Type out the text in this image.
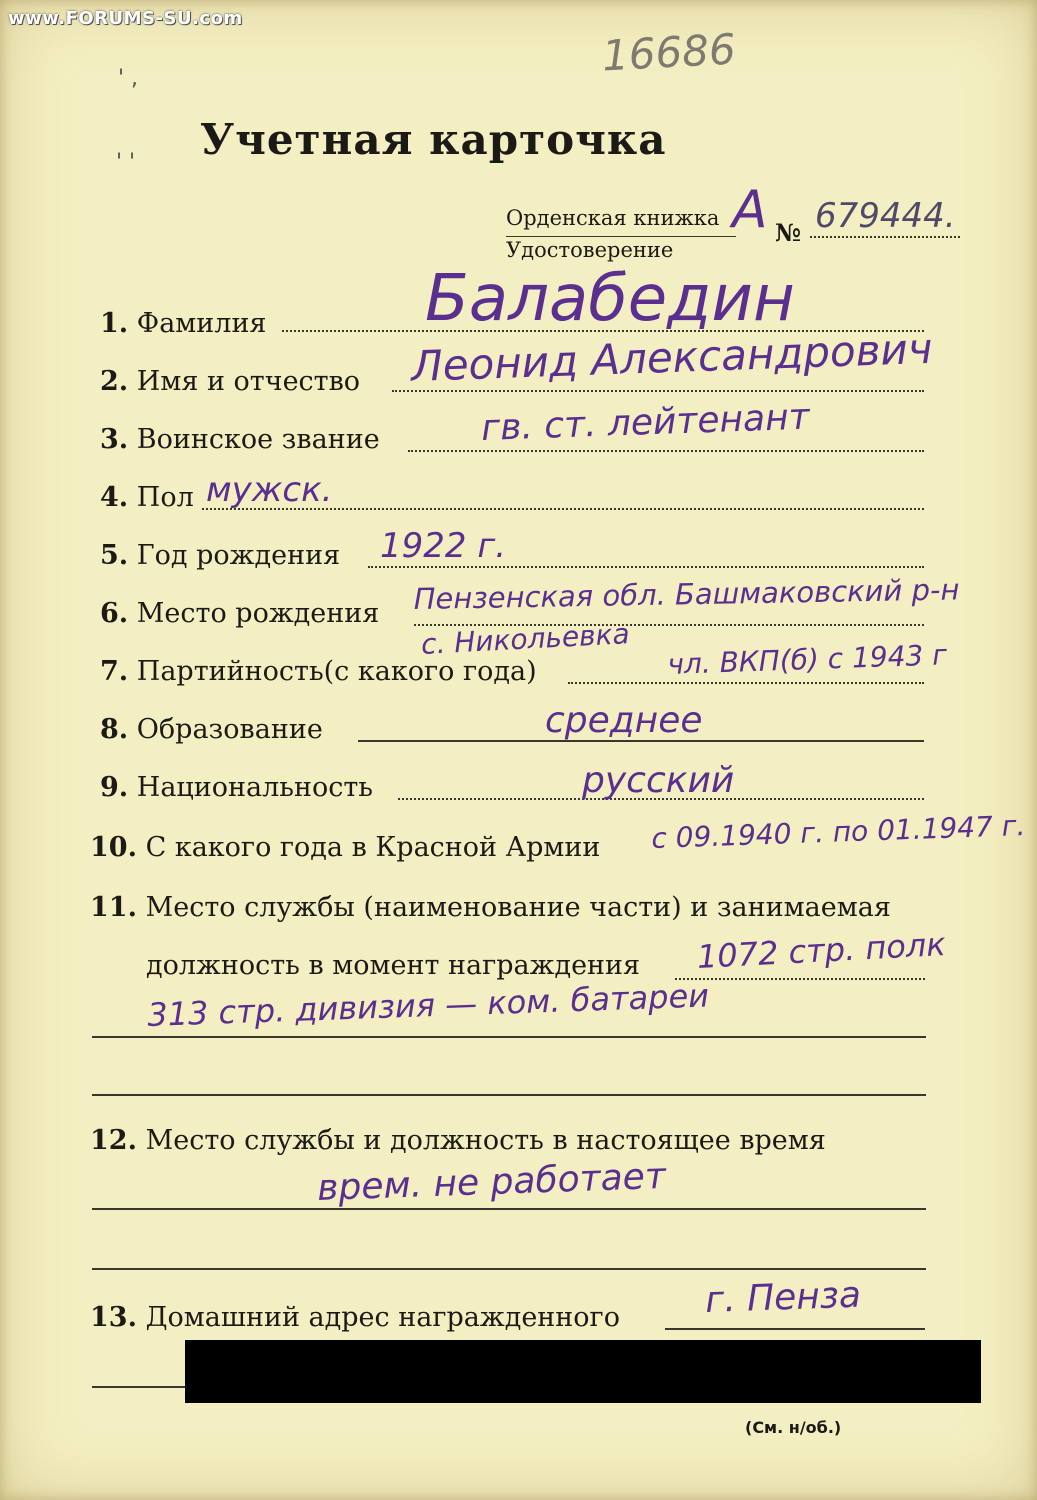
www.FORUMS-SU.com
16686
' ,
' ' Учетная карточка
Орденская книжка
Удостоверение
А № 679444.
1. Фамилия Балабедин
2. Имя и отчество Леонид Александрович
3. Воинское звание	гв. ст. лейтенант
4. Пол мужск.
5. Год рождения 1922 г.
6. Место рождения Пензенская обл. Башмаковский р-н
с. Никольевка
7. Партийность(с какого года)	чл. ВКП(б) с 1943 г
8. Образование	среднее
9. Национальность	русский
10. С какого года в Красной Армии с 09.1940 г. по 01.1947 г.
11. Место службы (наименование части) и занимаемая
должность в момент награждения 1072 стр. полк
313 стр. дивизия — ком. батареи
12. Место службы и должность в настоящее время
врем. не работает
13. Домашний адрес награжденного г. Пенза
(См. н/об.)
